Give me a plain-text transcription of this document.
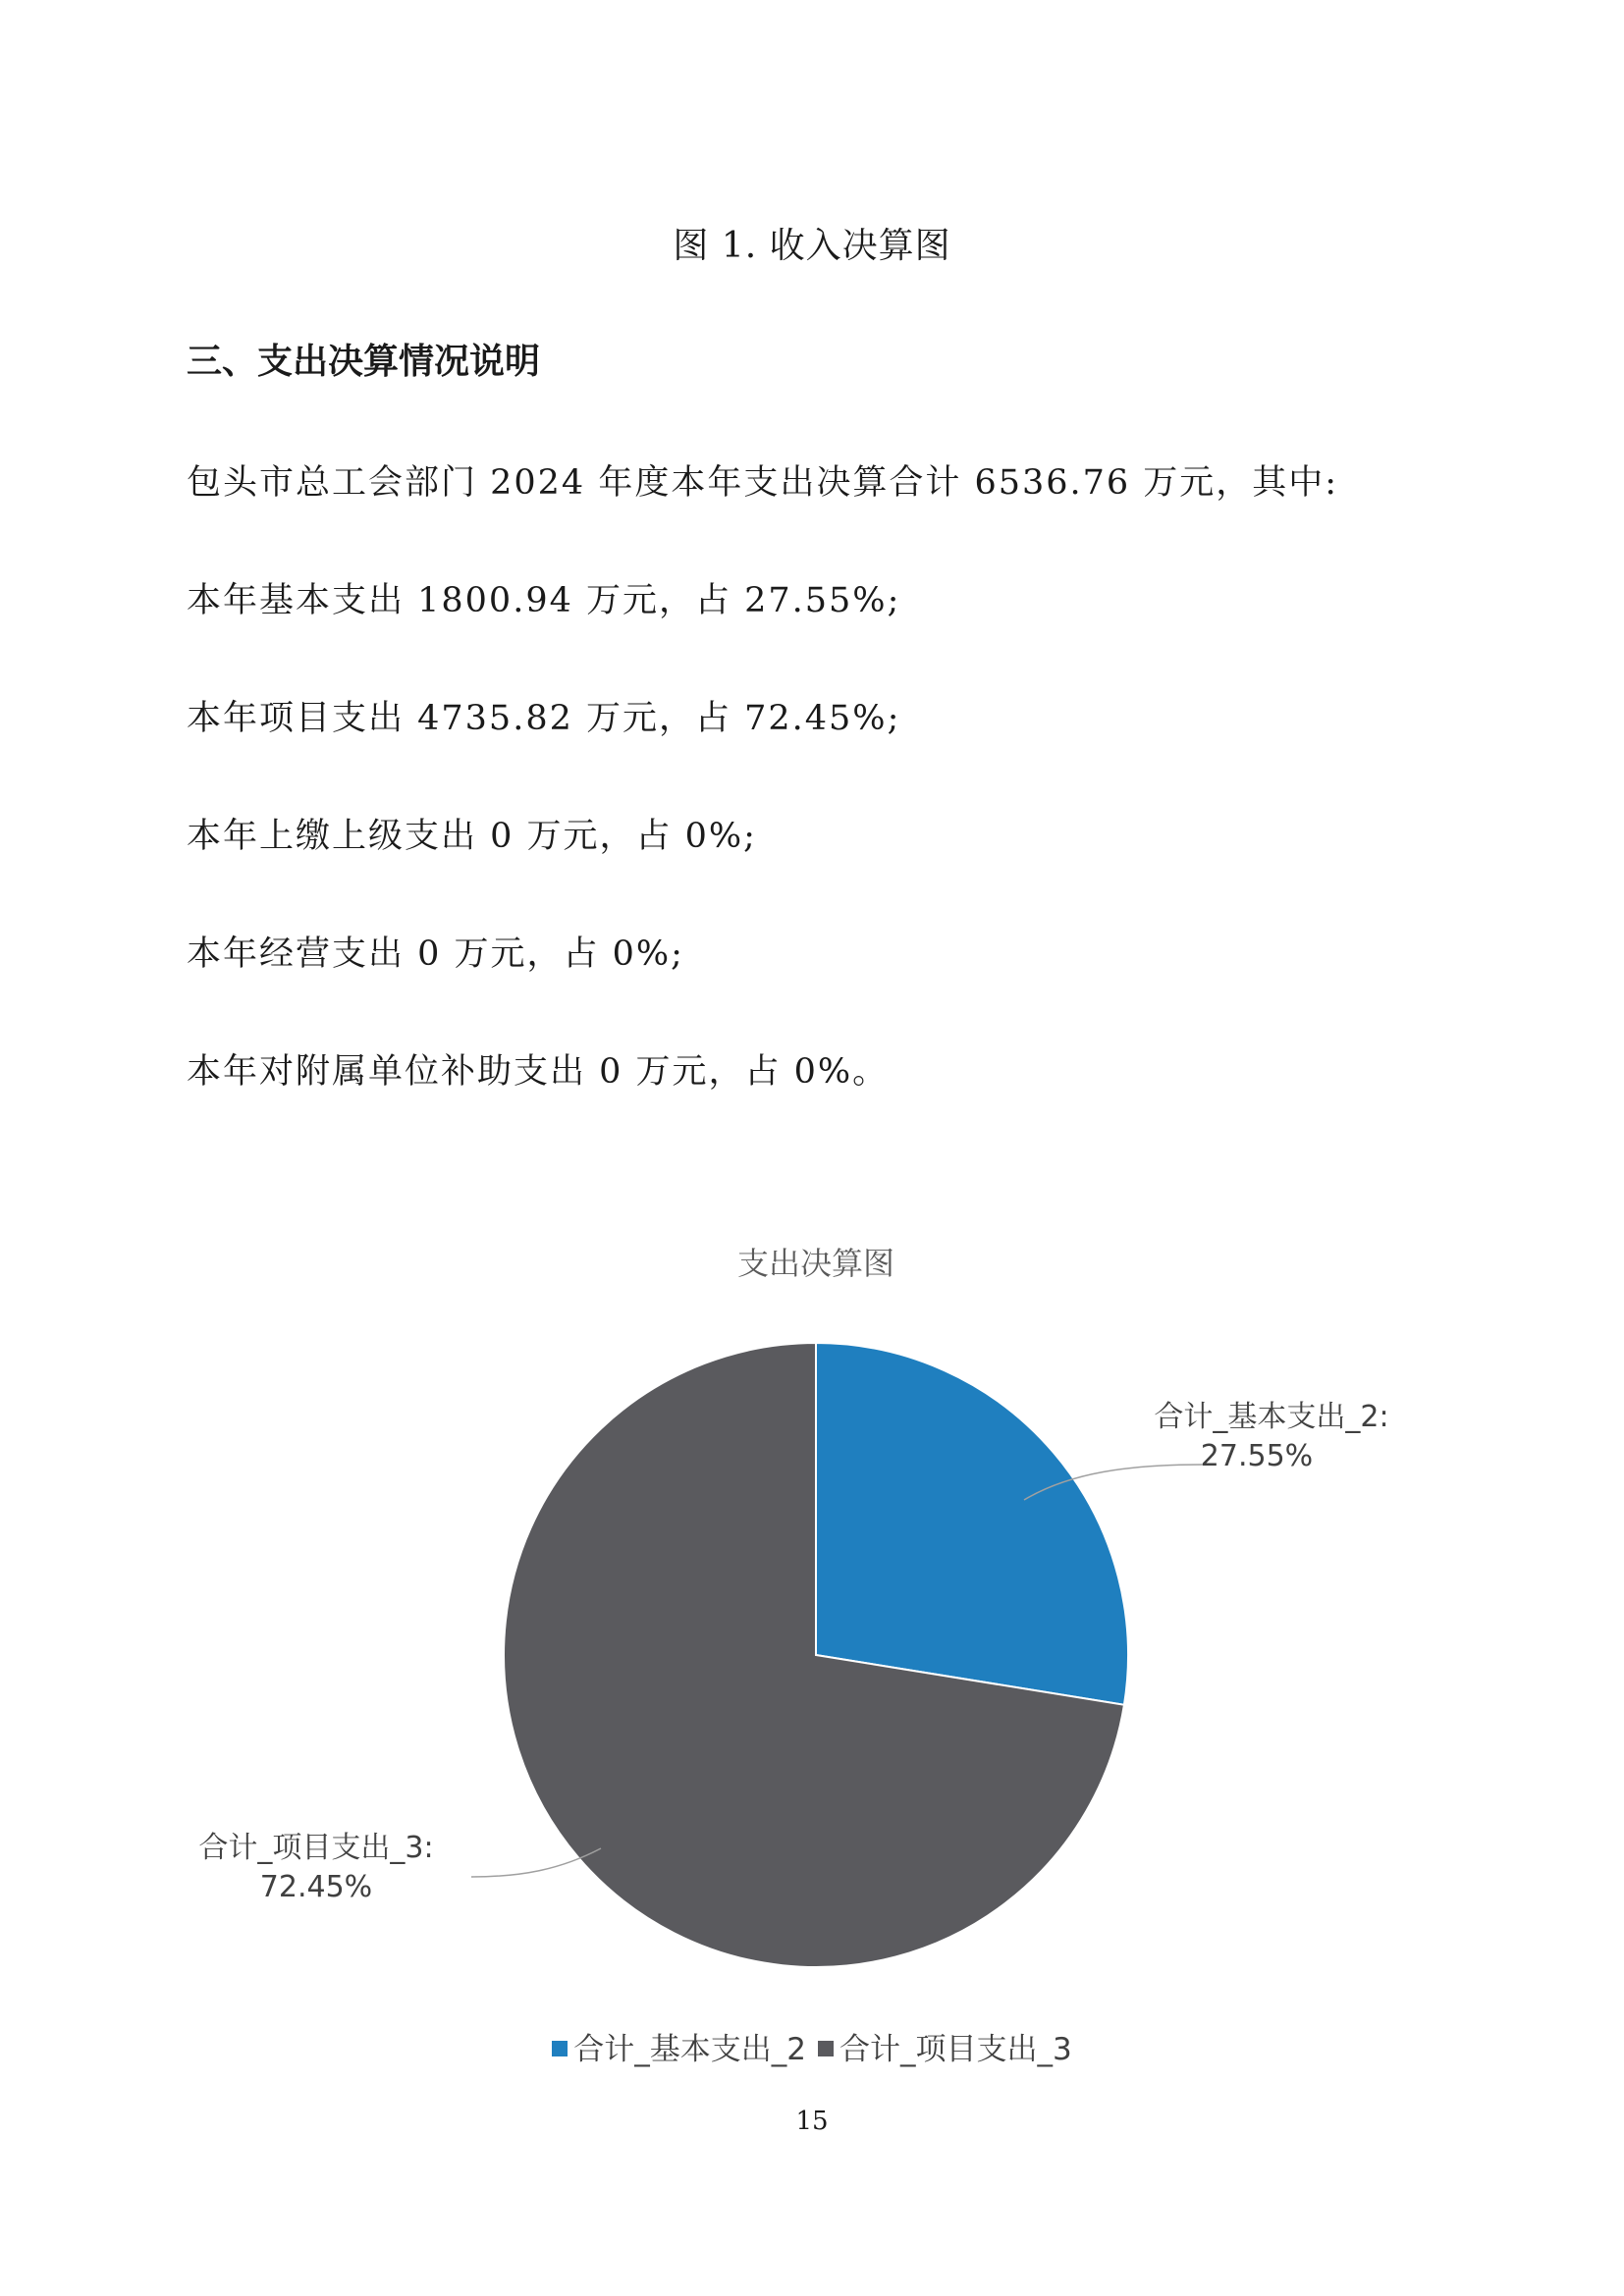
图 1. 收入决算图
三、支出决算情况说明
包头市总工会部门 2024 年度本年支出决算合计 6536.76 万元，其中:
本年基本支出 1800.94 万元，占 27.55%;
本年项目支出 4735.82 万元，占 72.45%;
本年上缴上级支出 0 万元，占 0%;
本年经营支出 0 万元，占 0%;
本年对附属单位补助支出 0 万元，占 0%。
支出决算图
合计_基本支出_2:
27.55%
合计_项目支出_3:
72.45%
合计_基本支出_2 合计_项目支出_3
15
